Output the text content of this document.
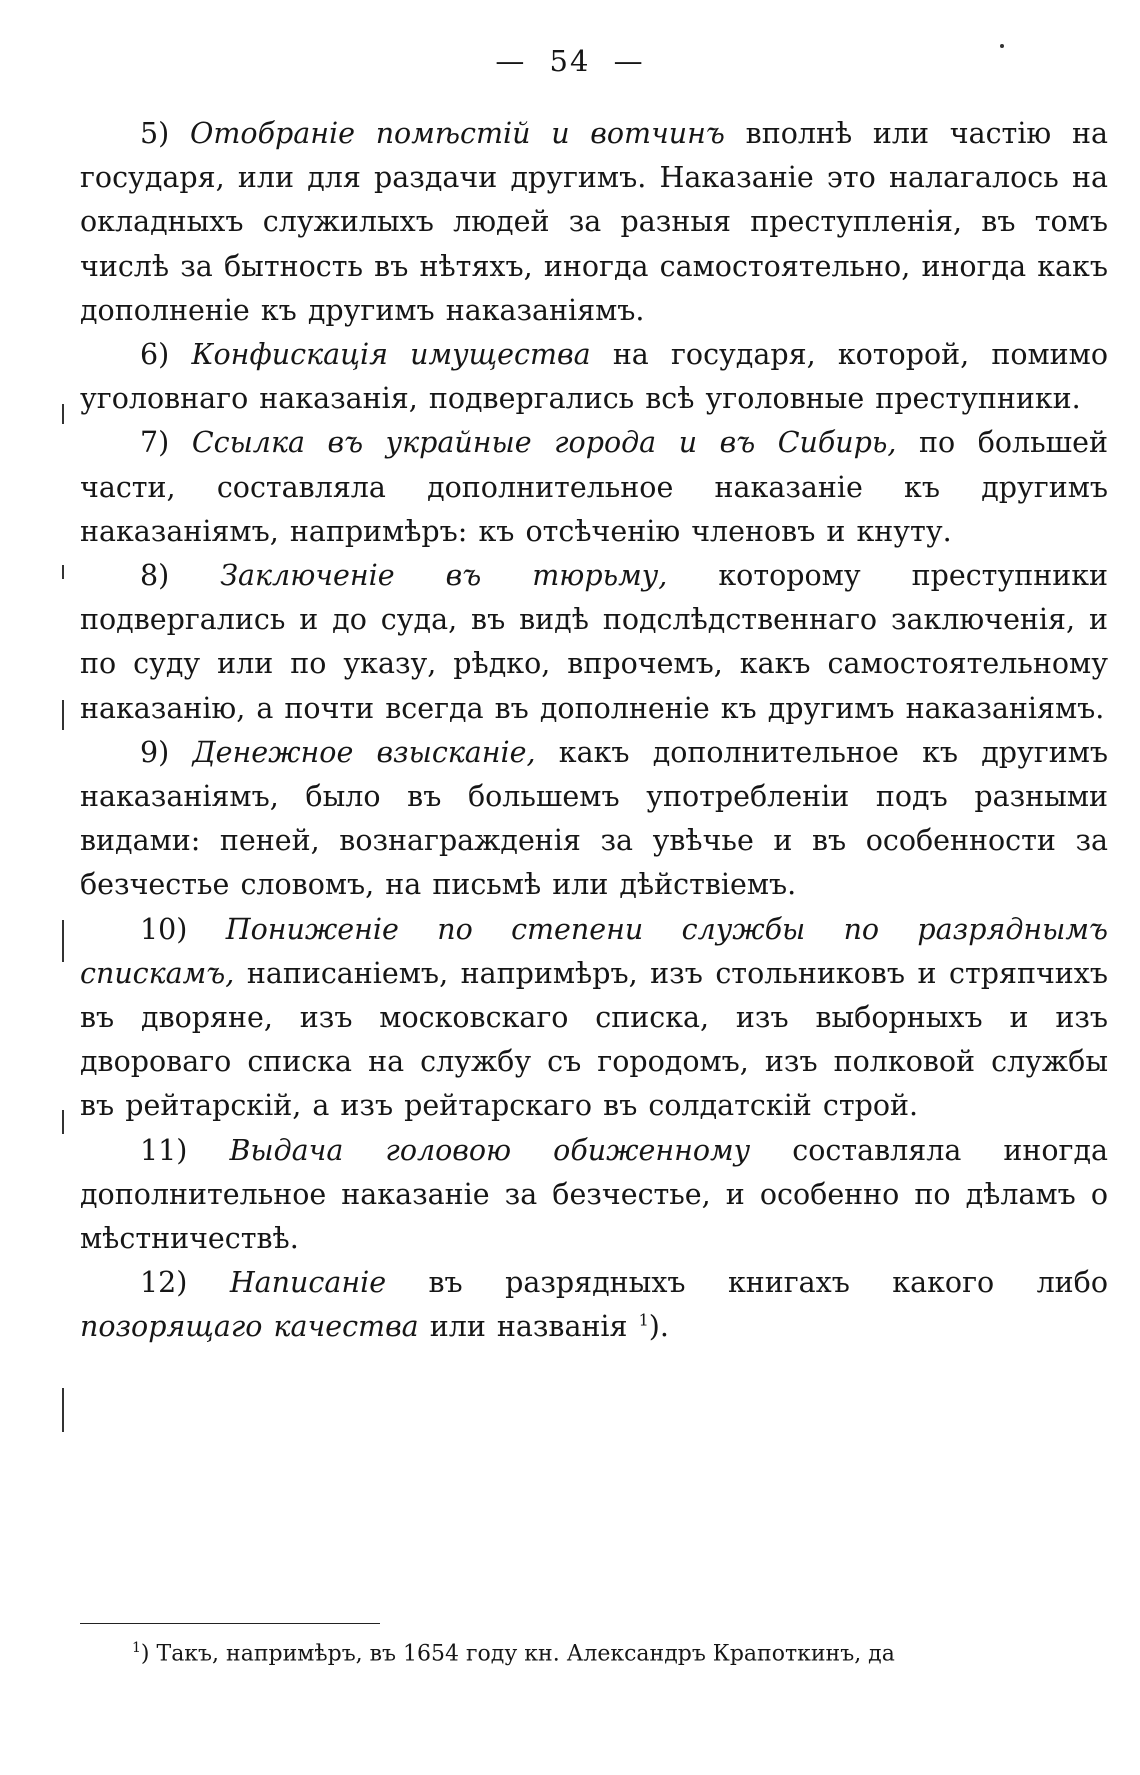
— 54 —

5) Отобраніе помѣстій и вотчинъ вполнѣ или частію на государя, или для раздачи другимъ. Наказаніе это налагалось на окладныхъ служилыхъ людей за разныя преступленія, въ томъ числѣ за бытность въ нѣтяхъ, иногда самостоятельно, иногда какъ дополненіе къ другимъ наказаніямъ.

6) Конфискація имущества на государя, которой, помимо уголовнаго наказанія, подвергались всѣ уголовные преступники.

7) Ссылка въ украйные города и въ Сибирь, по большей части, составляла дополнительное наказаніе къ другимъ наказаніямъ, напримѣръ: къ отсѣченію членовъ и кнуту.

8) Заключеніе въ тюрьму, которому преступники подвергались и до суда, въ видѣ подслѣдственнаго заключенія, и по суду или по указу, рѣдко, впрочемъ, какъ самостоятельному наказанію, а почти всегда въ дополненіе къ другимъ наказаніямъ.

9) Денежное взысканіе, какъ дополнительное къ другимъ наказаніямъ, было въ большемъ употребленіи подъ разными видами: пеней, вознагражденія за увѣчье и въ особенности за безчестье словомъ, на письмѣ или дѣйствіемъ.

10) Пониженіе по степени службы по разряднымъ спискамъ, написаніемъ, напримѣръ, изъ стольниковъ и стряпчихъ въ дворяне, изъ московскаго списка, изъ выборныхъ и изъ двороваго списка на службу съ городомъ, изъ полковой службы въ рейтарскій, а изъ рейтарскаго въ солдатскій строй.

11) Выдача головою обиженному составляла иногда дополнительное наказаніе за безчестье, и особенно по дѣламъ о мѣстничествѣ.

12) Написаніе въ разрядныхъ книгахъ какого либо позорящаго качества или названія $^1$).

$^1$) Такъ, напримѣръ, въ 1654 году кн. Александръ Крапоткинъ, да
